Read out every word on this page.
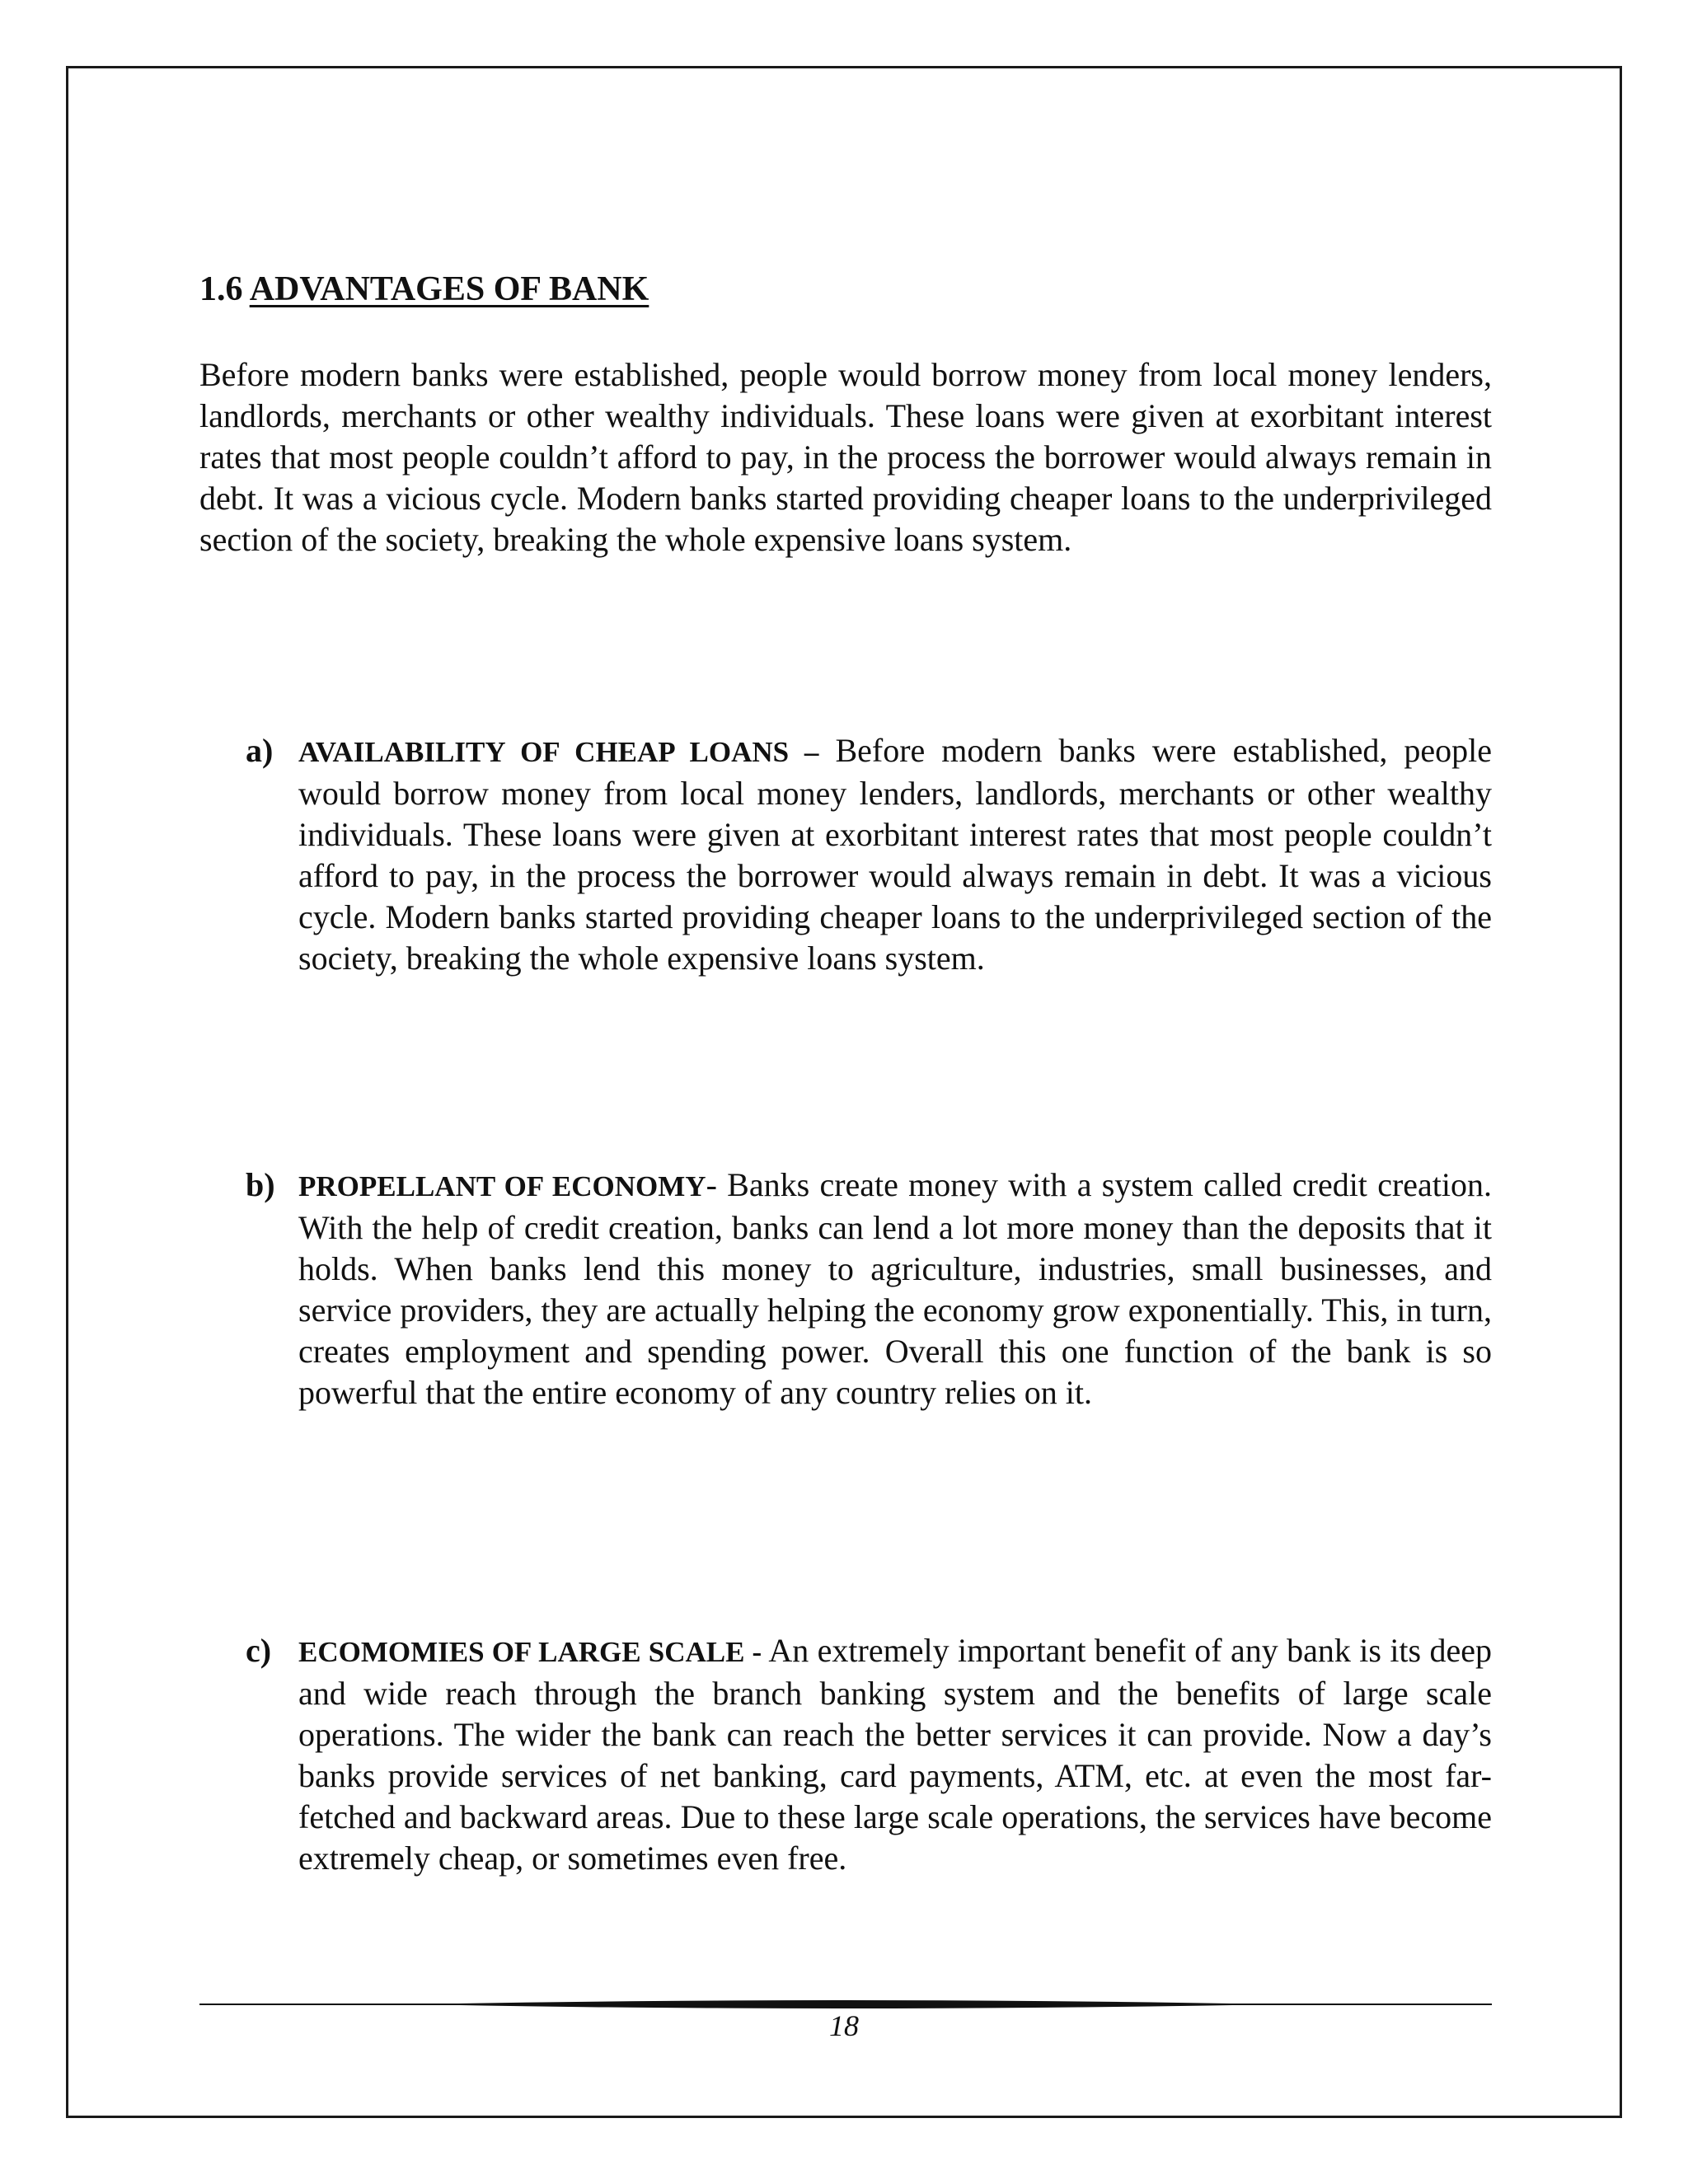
1.6 ADVANTAGES OF BANK

Before modern banks were established, people would borrow money from local money lenders, landlords, merchants or other wealthy individuals. These loans were given at exorbitant interest rates that most people couldn’t afford to pay, in the process the borrower would always remain in debt. It was a vicious cycle. Modern banks started providing cheaper loans to the underprivileged section of the society, breaking the whole expensive loans system.

a) AVAILABILITY OF CHEAP LOANS – Before modern banks were established, people would borrow money from local money lenders, landlords, merchants or other wealthy individuals. These loans were given at exorbitant interest rates that most people couldn’t afford to pay, in the process the borrower would always remain in debt. It was a vicious cycle. Modern banks started providing cheaper loans to the underprivileged section of the society, breaking the whole expensive loans system.

b) PROPELLANT OF ECONOMY- Banks create money with a system called credit creation. With the help of credit creation, banks can lend a lot more money than the deposits that it holds. When banks lend this money to agriculture, industries, small businesses, and service providers, they are actually helping the economy grow exponentially. This, in turn, creates employment and spending power. Overall this one function of the bank is so powerful that the entire economy of any country relies on it.

c) ECOMOMIES OF LARGE SCALE - An extremely important benefit of any bank is its deep and wide reach through the branch banking system and the benefits of large scale operations. The wider the bank can reach the better services it can provide. Now a day’s banks provide services of net banking, card payments, ATM, etc. at even the most far-fetched and backward areas. Due to these large scale operations, the services have become extremely cheap, or sometimes even free.

18
